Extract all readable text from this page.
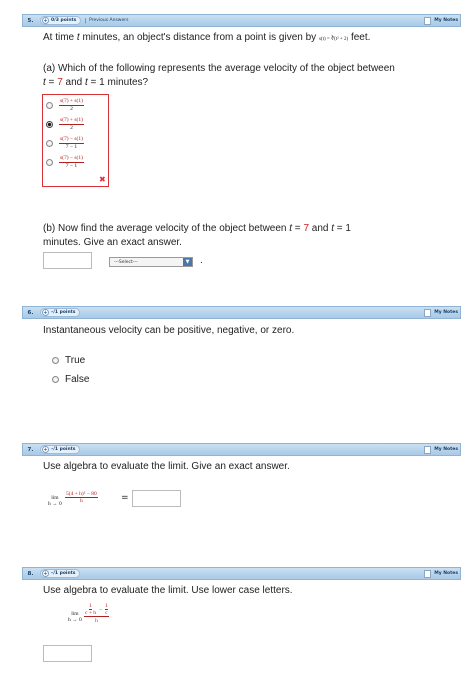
5.	+ 0/3 points | Previous Answers	My Notes
At time t minutes, an object's distance from a point is given by s(t) = ∛(t² + 2) feet.
(a) Which of the following represents the average velocity of the object between
t = 7 and t = 1 minutes?
$\frac{s(7) + s(1)}{2}$
$\frac{s(7) + s(1)}{2}$
$\frac{s(7) - s(1)}{7 - 1}$
$\frac{s(7) - s(1)}{7 - 1}$
✖
(b) Now find the average velocity of the object between t = 7 and t = 1
minutes. Give an exact answer.
---Select---	▼ .
6.	+ –/1 points	My Notes
Instantaneous velocity can be positive, negative, or zero.
True
False
7.	+ –/1 points	My Notes
Use algebra to evaluate the limit. Give an exact answer.
lim
$h \to 0 \frac{\text{5(4 + h)² − 80}}{h}$	=
8.	+ –/1 points	My Notes
Use algebra to evaluate the limit. Use lower case letters.
lim
$h \to 0 \frac{\frac{1}{c + h} - \frac{1}{c}}{h}$
